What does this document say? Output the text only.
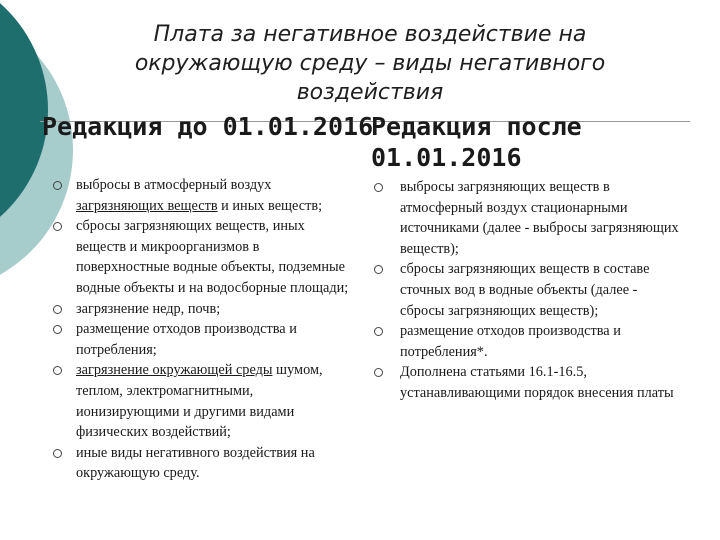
Плата за негативное воздействие на окружающую среду – виды негативного воздействия
Редакция до 01.01.2016
Редакция после 01.01.2016
выбросы в атмосферный воздух загрязняющих веществ и иных веществ;
сбросы загрязняющих веществ, иных веществ и микроорганизмов в поверхностные водные объекты, подземные водные объекты и на водосборные площади;
загрязнение недр, почв;
размещение отходов производства и потребления;
загрязнение окружающей среды шумом, теплом, электромагнитными, ионизирующими и другими видами физических воздействий;
иные виды негативного воздействия на окружающую среду.
выбросы загрязняющих веществ в атмосферный воздух стационарными источниками (далее - выбросы загрязняющих веществ);
сбросы загрязняющих веществ в составе сточных вод в водные объекты (далее - сбросы загрязняющих веществ);
размещение отходов производства и потребления*.
Дополнена статьями 16.1-16.5, устанавливающими порядок внесения платы
